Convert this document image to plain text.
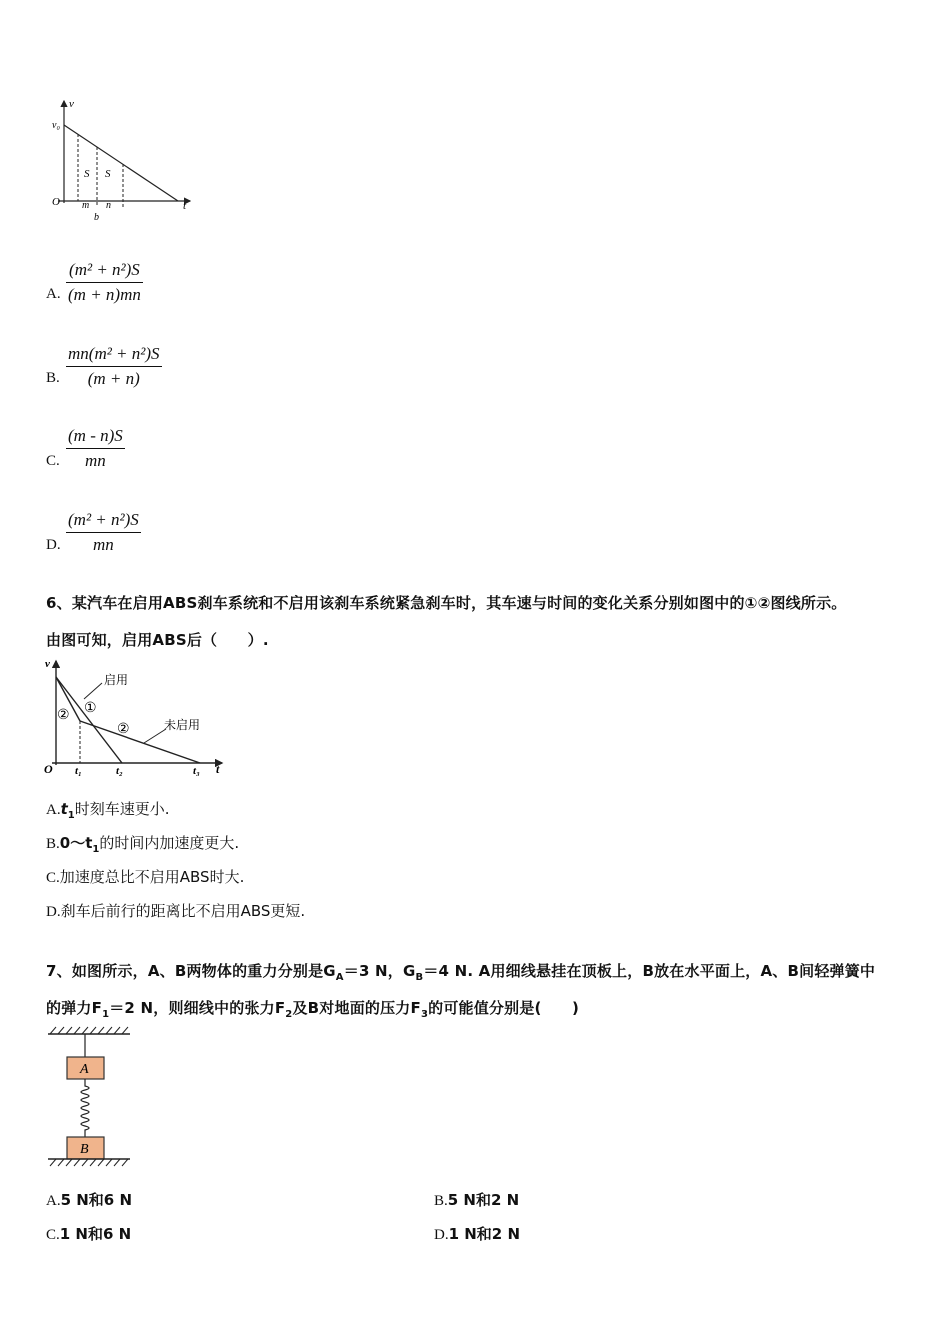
v
v₀
O	t
S S
m n
b
A.
(m² + n²)S
(m + n)mn
B.
mn(m² + n²)S
(m + n)
C.
(m - n)S
mn
D.
(m² + n²)S
mn
6、某汽车在启用ABS刹车系统和不启用该刹车系统紧急刹车时，其车速与时间的变化关系分别如图中的①②图线所示。
由图可知，启用ABS后（　　）.
v
O	t
启用
未启用
①
②
②
t₁	t₂	t₃
$A.t_1$时刻车速更小.
$B.0\sim t_1$的时间内加速度更大.
C.加速度总比不启用ABS时大.
D.刹车后前行的距离比不启用ABS更短.
7、如图所示，A、B两物体的重力分别是$G_A=3$ N，$G_B=4$ N. A用细线悬挂在顶板上，B放在水平面上，A、B间轻弹簧中
的弹力$F_1=2$ N，则细线中的张力$F_2$及B对地面的压力$F_3$的可能值分别是(　　)
A
B
A.5 N和6 N	B.5 N和2 N
C.1 N和6 N	D.1 N和2 N
